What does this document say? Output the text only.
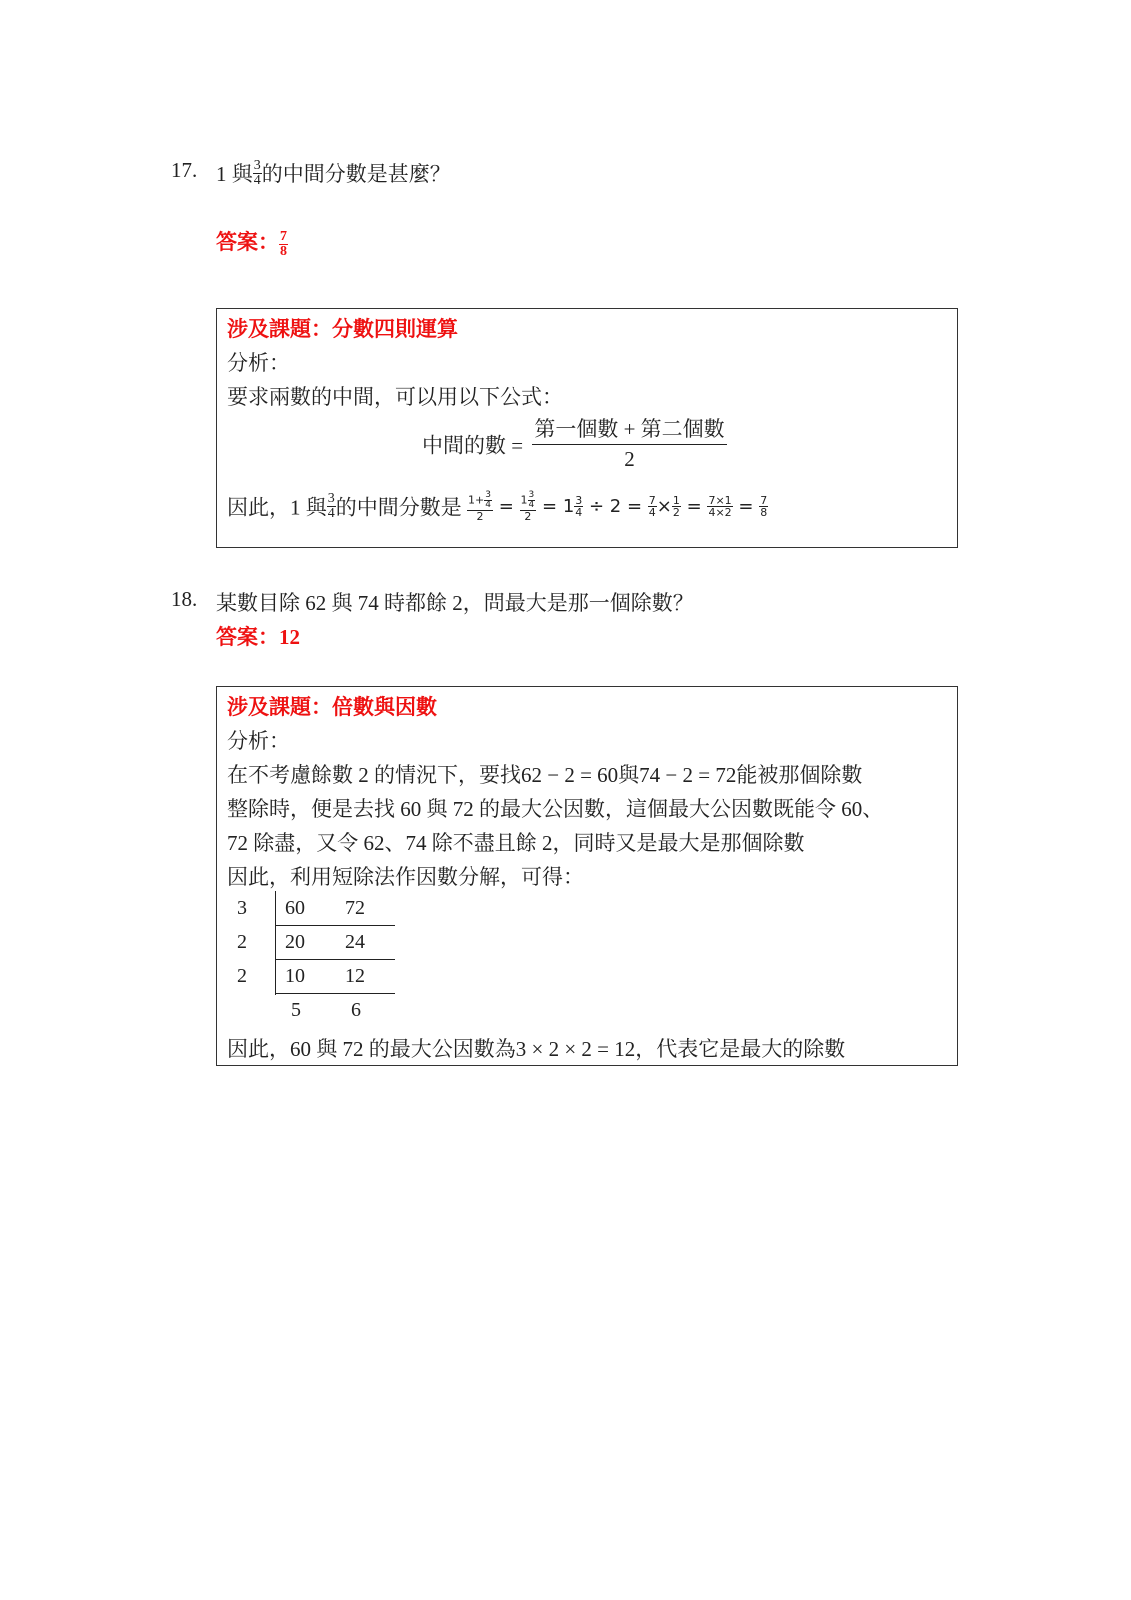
17. 1 與 $\frac{3}{4}$ 的中間分數是甚麼？
答案： $\frac{7}{8}$
涉及課題：分數四則運算
分析：
要求兩數的中間，可以用以下公式：
中間的數 = $\frac{\text{第一個數 + 第二個數}}{2}$
因此，1 與 $\frac{3}{4}$ 的中間分數是 $\frac{1+ \frac{3}{4}}{2} = \frac{1 \frac{3}{4}}{2} = 1 \frac{3}{4} \div 2 = \frac{7}{4} \times \frac{1}{2} = \frac{7\times 1}{4\times 2} = \frac{7}{8}$
18. 某數目除 62 與 74 時都餘 2，問最大是那一個除數？
答案：12
涉及課題：倍數與因數
分析：
在不考慮餘數 2 的情況下，要找62 − 2 = 60與74 − 2 = 72能被那個除數
整除時，便是去找 60 與 72 的最大公因數，這個最大公因數既能令 60、
72 除盡，又令 62、74 除不盡且餘 2，同時又是最大是那個除數
因此，利用短除法作因數分解，可得：
3 60 72
2 20 24
2 10 12
5	6
因此，60 與 72 的最大公因數為3 × 2 × 2 = 12，代表它是最大的除數
